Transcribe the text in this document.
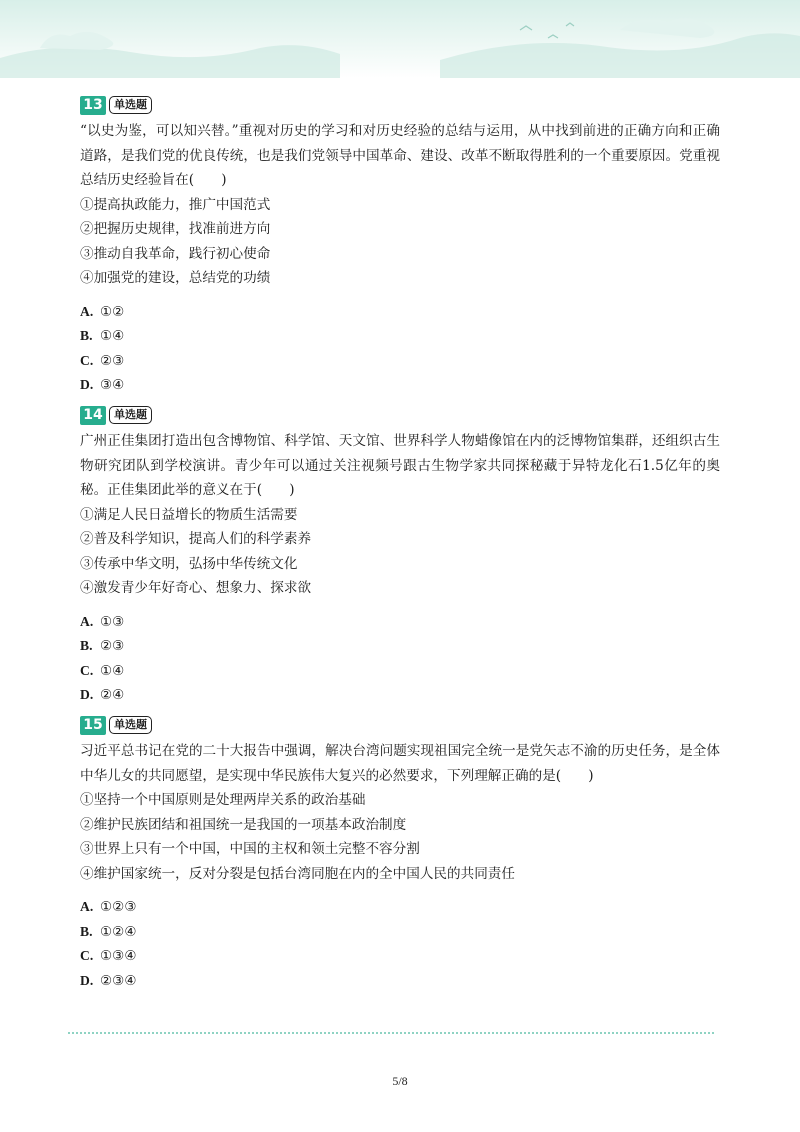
13	单选题

“以史为鉴，可以知兴替。”重视对历史的学习和对历史经验的总结与运用，从中找到前进的正确方向和正确道路，是我们党的优良传统，也是我们党领导中国革命、建设、改革不断取得胜利的一个重要原因。党重视总结历史经验旨在(　　)

①提高执政能力，推广中国范式

②把握历史规律，找准前进方向

③推动自我革命，践行初心使命

④加强党的建设，总结党的功绩

A. ①②
B. ①④
C. ②③
D. ③④
14	单选题

广州正佳集团打造出包含博物馆、科学馆、天文馆、世界科学人物蜡像馆在内的泛博物馆集群，还组织古生物研究团队到学校演讲。青少年可以通过关注视频号跟古生物学家共同探秘藏于异特龙化石1.5亿年的奥秘。正佳集团此举的意义在于(　　)

①满足人民日益增长的物质生活需要

②普及科学知识，提高人们的科学素养

③传承中华文明，弘扬中华传统文化

④激发青少年好奇心、想象力、探求欲

A. ①③
B. ②③
C. ①④
D. ②④
15	单选题

习近平总书记在党的二十大报告中强调，解决台湾问题实现祖国完全统一是党矢志不渝的历史任务，是全体中华儿女的共同愿望，是实现中华民族伟大复兴的必然要求，下列理解正确的是(　　)

①坚持一个中国原则是处理两岸关系的政治基础

②维护民族团结和祖国统一是我国的一项基本政治制度

③世界上只有一个中国，中国的主权和领土完整不容分割

④维护国家统一，反对分裂是包括台湾同胞在内的全中国人民的共同责任

A. ①②③
B. ①②④
C. ①③④
D. ②③④
5/8
